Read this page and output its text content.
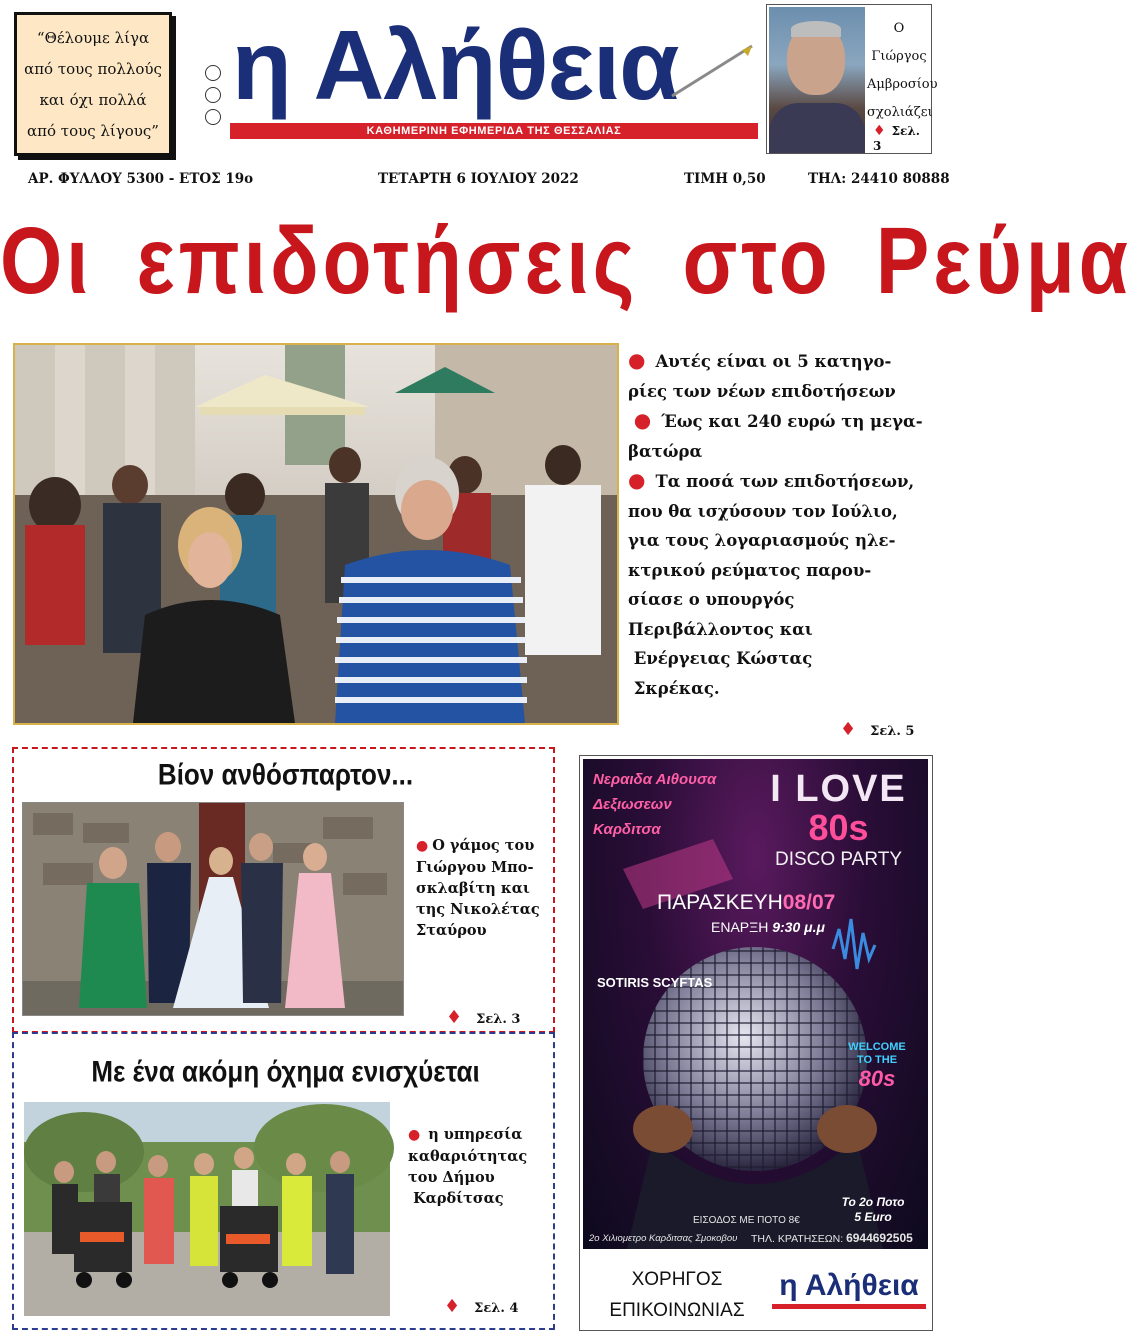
“Θέλουμε λίγα
από τους πολλούς
και όχι πολλά
από τους λίγους”
η Αλήθεια
ΚΑΘΗΜΕΡΙΝΗ ΕΦΗΜΕΡΙΔΑ ΤΗΣ ΘΕΣΣΑΛΙΑΣ
Ο Γιώργος
Αμβροσίου
σχολιάζει
♦ Σελ. 3
ΑΡ. ΦΥΛΛΟΥ 5300 - ΕΤΟΣ 19ο	ΤΕΤΑΡΤΗ 6 ΙΟΥΛΙΟΥ 2022	ΤΙΜΗ 0,50	ΤΗΛ: 24410 80888
Οι επιδοτήσεις στο Ρεύμα
● Αυτές είναι οι 5 κατηγο-
ρίες των νέων επιδοτήσεων
● Έως και 240 ευρώ τη μεγα-
βατώρα
● Τα ποσά των επιδοτήσεων,
που θα ισχύσουν τον Ιούλιο,
για τους λογαριασμούς ηλε-
κτρικού ρεύματος παρου-
σίασε ο υπουργός
Περιβάλλοντος και
Ενέργειας Κώστας
Σκρέκας.
♦ Σελ. 5
Βίον ανθόσπαρτον...
● Ο γάμος του
Γιώργου Μπο-
σκλαβίτη και
της Νικολέτας
Σταύρου
♦ Σελ. 3
Με ένα ακόμη όχημα ενισχύεται
● η υπηρεσία
καθαριότητας
του Δήμου
Καρδίτσας
♦ Σελ. 4
Νεραιδα Αιθουσα
Δεξιωσεων
Καρδιτσα
I LOVE
80s
DISCO PARTY
ΠΑΡΑΣΚΕΥΗ08/07
ΕΝΑΡΞΗ 9:30 μ.μ
SOTIRIS SCYFTAS
WELCOME
TO THE
80s
Το 2ο Ποτο
5 Euro
ΕΙΣΟΔΟΣ ΜΕ ΠΟΤΟ 8€
2ο Χιλιομετρο Καρδιτσας Σμοκοβου ΤΗΛ. ΚΡΑΤΗΣΕΩΝ: 6944692505
ΧΟΡΗΓΟΣ
ΕΠΙΚΟΙΝΩΝΙΑΣ
η Αλήθεια
